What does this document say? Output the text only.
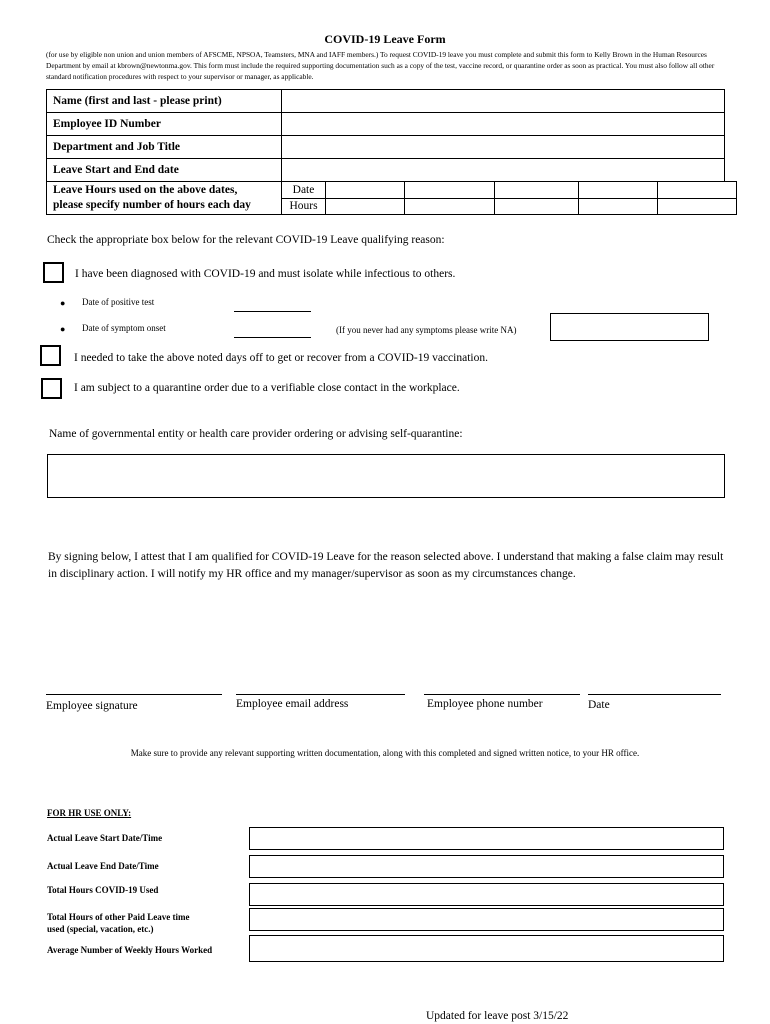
COVID-19 Leave Form
(for use by eligible non union and union members of AFSCME, NPSOA, Teamsters, MNA and IAFF members.) To request COVID-19 leave you must complete and submit this form to Kelly Brown in the Human Resources Department by email at kbrown@newtonma.gov. This form must include the required supporting documentation such as a copy of the test, vaccine record, or quarantine order as soon as practical. You must also follow all other standard notification procedures with respect to your supervisor or manager, as applicable.
Name (first and last - please print)	
Employee ID Number	
Department and Job Title	
Leave Start and End date	
Leave Hours used on the above dates,
please specify number of hours each day	Date					
	Hours					
Check the appropriate box below for the relevant COVID-19 Leave qualifying reason:
I have been diagnosed with COVID-19 and must isolate while infectious to others.
● Date of positive test
● Date of symptom onset	(If you never had any symptoms please write NA)
I needed to take the above noted days off to get or recover from a COVID-19 vaccination.
I am subject to a quarantine order due to a verifiable close contact in the workplace.
Name of governmental entity or health care provider ordering or advising self-quarantine:
By signing below, I attest that I am qualified for COVID-19 Leave for the reason selected above. I understand that making a false claim may result in disciplinary action. I will notify my HR office and my manager/supervisor as soon as my circumstances change.
Employee signature	Employee email address	Employee phone number	Date
Make sure to provide any relevant supporting written documentation, along with this completed and signed written notice, to your HR office.
FOR HR USE ONLY:
Actual Leave Start Date/Time
Actual Leave End Date/Time
Total Hours COVID-19 Used
Total Hours of other Paid Leave time
used (special, vacation, etc.)
Average Number of Weekly Hours Worked
Updated for leave post 3/15/22
